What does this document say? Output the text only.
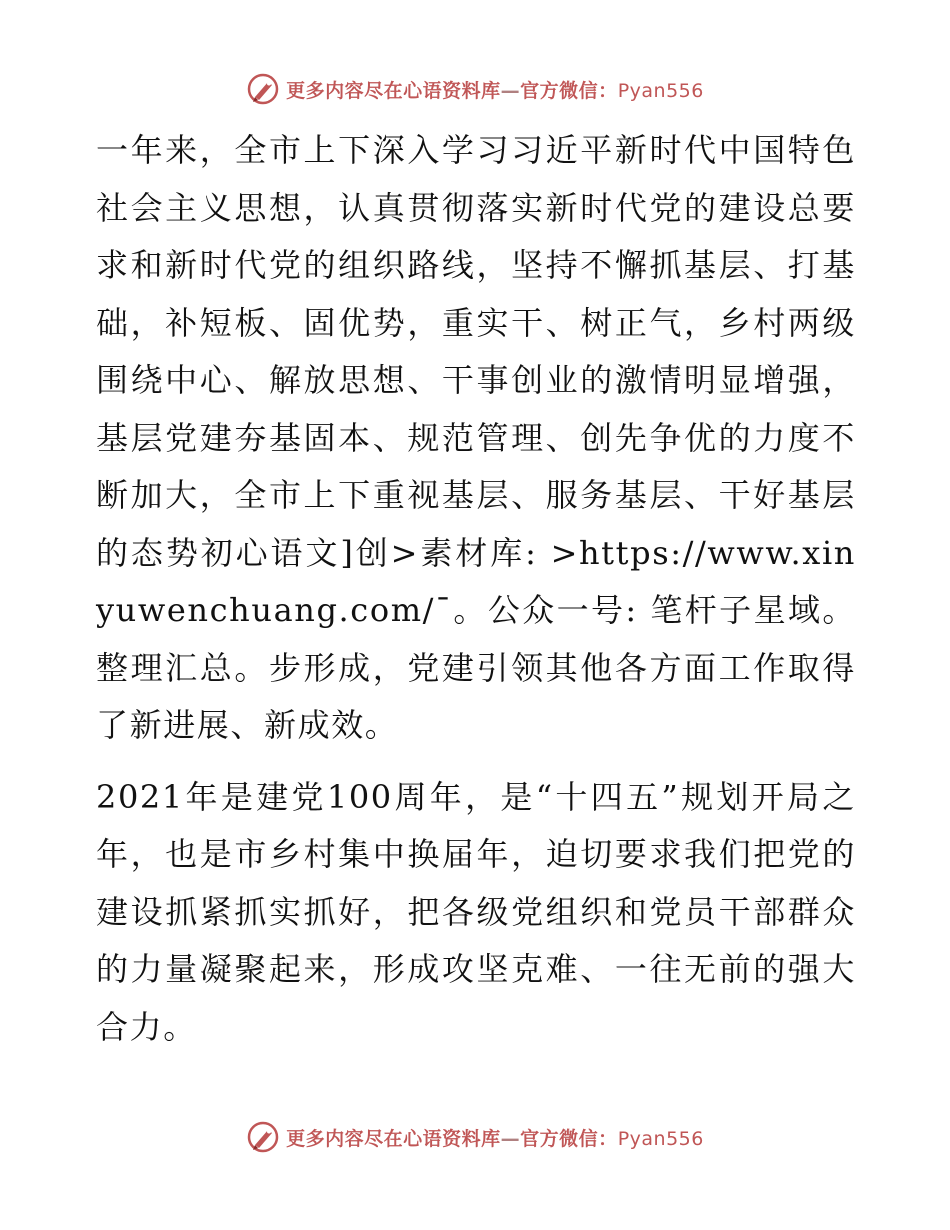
更多内容尽在心语资料库—官方微信：Pyan556

一年来，全市上下深入学习习近平新时代中国特色社会主义思想，认真贯彻落实新时代党的建设总要求和新时代党的组织路线，坚持不懈抓基层、打基础，补短板、固优势，重实干、树正气，乡村两级围绕中心、解放思想、干事创业的激情明显增强，基层党建夯基固本、规范管理、创先争优的力度不断加大，全市上下重视基层、服务基层、干好基层的态势初心语文]创>素材库: >https://www.xinyuwenchuang.com/¯。公众一号: 笔杆子星域。整理汇总。步形成，党建引领其他各方面工作取得了新进展、新成效。

2021年是建党100周年，是“十四五”规划开局之年，也是市乡村集中换届年，迫切要求我们把党的建设抓紧抓实抓好，把各级党组织和党员干部群众的力量凝聚起来，形成攻坚克难、一往无前的强大合力。

更多内容尽在心语资料库—官方微信：Pyan556
